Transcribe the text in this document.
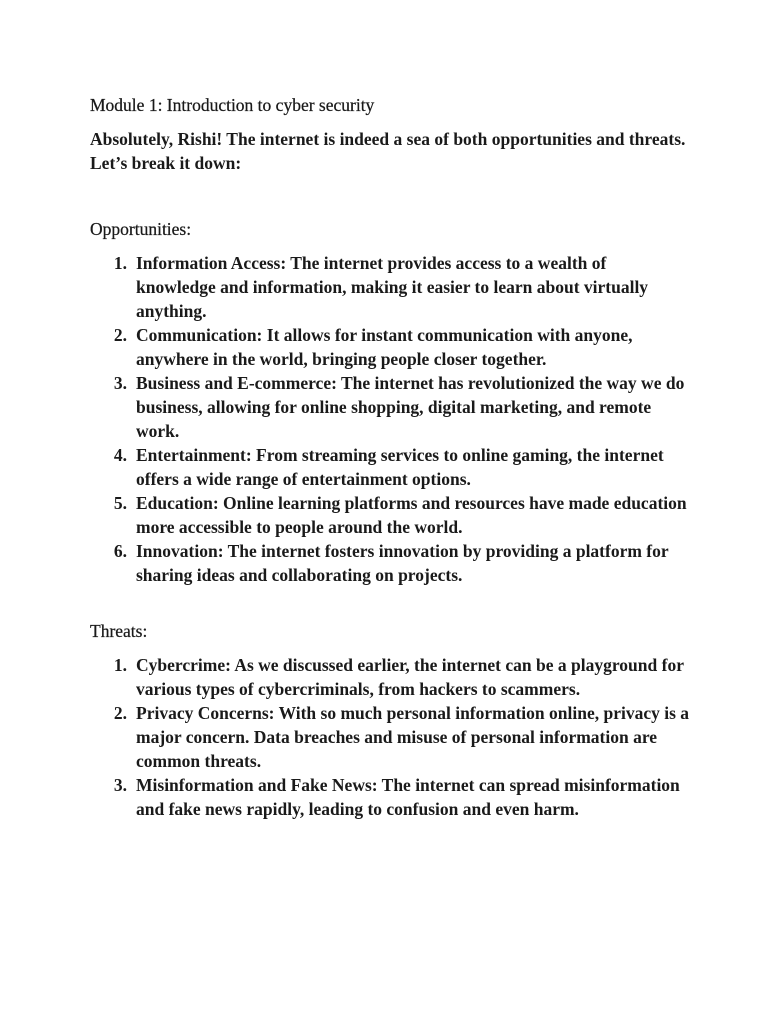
Module 1: Introduction to cyber security

Absolutely, Rishi! The internet is indeed a sea of both opportunities and threats. Let’s break it down:

Opportunities:

1. Information Access: The internet provides access to a wealth of knowledge and information, making it easier to learn about virtually anything.
2. Communication: It allows for instant communication with anyone, anywhere in the world, bringing people closer together.
3. Business and E-commerce: The internet has revolutionized the way we do business, allowing for online shopping, digital marketing, and remote work.
4. Entertainment: From streaming services to online gaming, the internet offers a wide range of entertainment options.
5. Education: Online learning platforms and resources have made education more accessible to people around the world.
6. Innovation: The internet fosters innovation by providing a platform for sharing ideas and collaborating on projects.

Threats:

1. Cybercrime: As we discussed earlier, the internet can be a playground for various types of cybercriminals, from hackers to scammers.
2. Privacy Concerns: With so much personal information online, privacy is a major concern. Data breaches and misuse of personal information are common threats.
3. Misinformation and Fake News: The internet can spread misinformation and fake news rapidly, leading to confusion and even harm.
